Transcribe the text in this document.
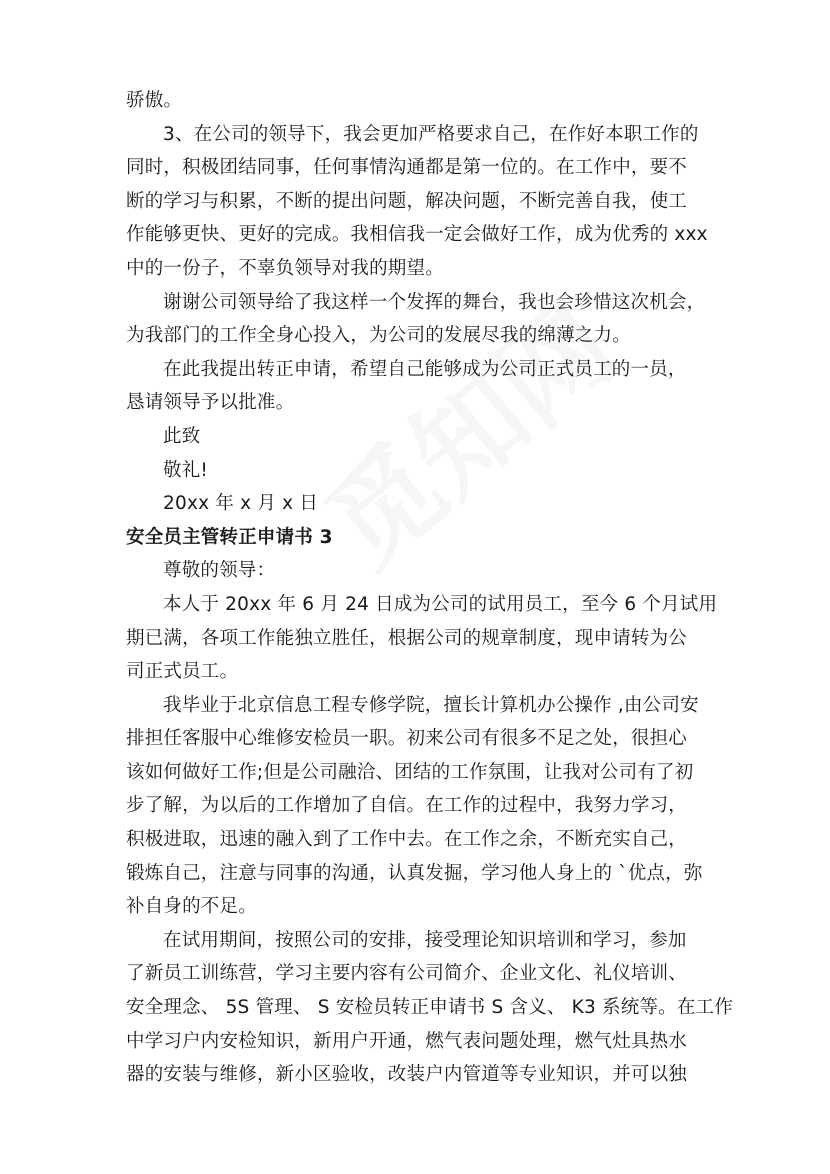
骄傲。
3、在公司的领导下，我会更加严格要求自己，在作好本职工作的
同时，积极团结同事，任何事情沟通都是第一位的。在工作中，要不
断的学习与积累，不断的提出问题，解决问题，不断完善自我，使工
作能够更快、更好的完成。我相信我一定会做好工作，成为优秀的 xxx
中的一份子，不辜负领导对我的期望。
谢谢公司领导给了我这样一个发挥的舞台，我也会珍惜这次机会，
为我部门的工作全身心投入，为公司的发展尽我的绵薄之力。
在此我提出转正申请，希望自己能够成为公司正式员工的一员，
恳请领导予以批准。
此致
敬礼!
20xx 年 x 月 x 日
安全员主管转正申请书 3
尊敬的领导：
本人于 20xx 年 6 月 24 日成为公司的试用员工，至今 6 个月试用
期已满，各项工作能独立胜任，根据公司的规章制度，现申请转为公
司正式员工。
我毕业于北京信息工程专修学院，擅长计算机办公操作 ,由公司安
排担任客服中心维修安检员一职。初来公司有很多不足之处，很担心
该如何做好工作;但是公司融洽、团结的工作氛围，让我对公司有了初
步了解，为以后的工作增加了自信。在工作的过程中，我努力学习，
积极进取，迅速的融入到了工作中去。在工作之余，不断充实自己，
锻炼自己，注意与同事的沟通，认真发掘，学习他人身上的 `优点，弥
补自身的不足。
在试用期间，按照公司的安排，接受理论知识培训和学习，参加
了新员工训练营，学习主要内容有公司简介、企业文化、礼仪培训、
安全理念、 5S 管理、 S 安检员转正申请书 S 含义、 K3 系统等。在工作
中学习户内安检知识，新用户开通，燃气表问题处理，燃气灶具热水
器的安装与维修，新小区验收，改装户内管道等专业知识，并可以独
